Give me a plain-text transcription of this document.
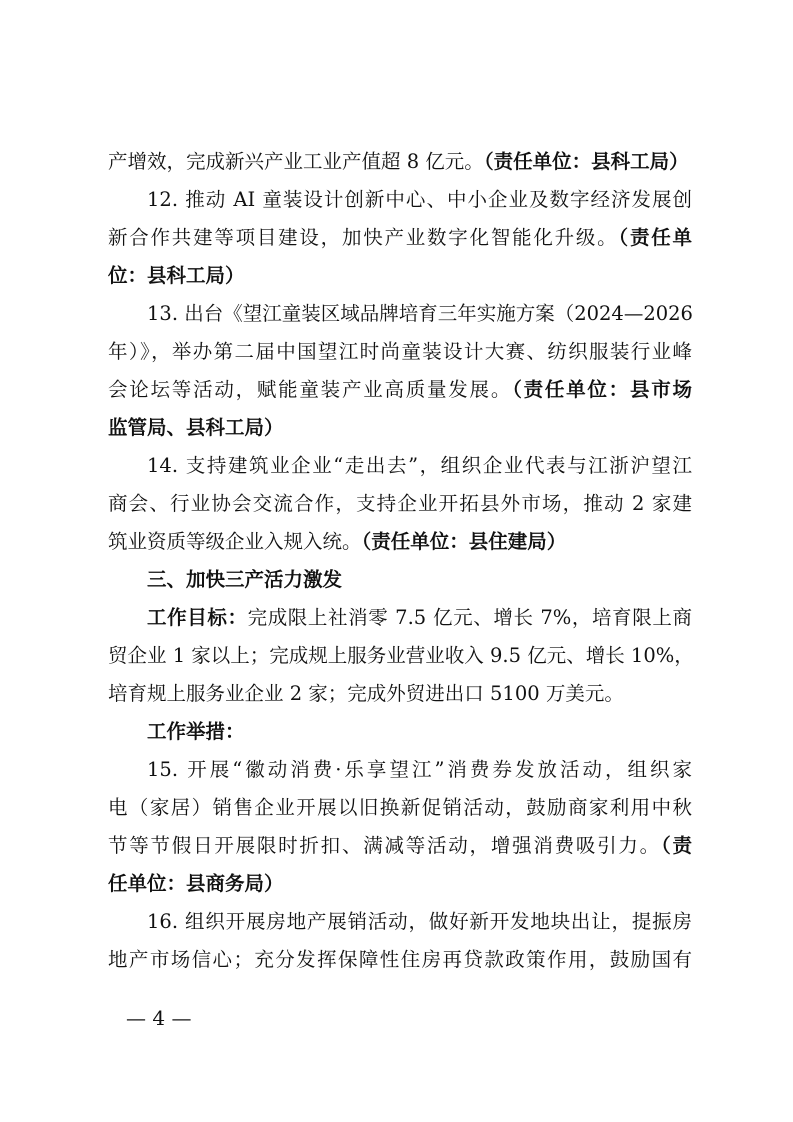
产增效，完成新兴产业工业产值超 8 亿元。（责任单位：县科工局）
12. 推动 AI 童装设计创新中心、中小企业及数字经济发展创
新合作共建等项目建设，加快产业数字化智能化升级。（责任单
位：县科工局）
13. 出台《望江童装区域品牌培育三年实施方案（2024—2026
年）》，举办第二届中国望江时尚童装设计大赛、纺织服装行业峰
会论坛等活动，赋能童装产业高质量发展。（责任单位：县市场
监管局、县科工局）
14. 支持建筑业企业“走出去”，组织企业代表与江浙沪望江
商会、行业协会交流合作，支持企业开拓县外市场，推动 2 家建
筑业资质等级企业入规入统。（责任单位：县住建局）
三、加快三产活力激发
工作目标：完成限上社消零 7.5 亿元、增长 7%，培育限上商
贸企业 1 家以上；完成规上服务业营业收入 9.5 亿元、增长 10%，
培育规上服务业企业 2 家；完成外贸进出口 5100 万美元。
工作举措：
15. 开展“徽动消费·乐享望江”消费券发放活动，组织家
电（家居）销售企业开展以旧换新促销活动，鼓励商家利用中秋
节等节假日开展限时折扣、满减等活动，增强消费吸引力。（责
任单位：县商务局）
16. 组织开展房地产展销活动，做好新开发地块出让，提振房
地产市场信心；充分发挥保障性住房再贷款政策作用，鼓励国有
— 4 —
